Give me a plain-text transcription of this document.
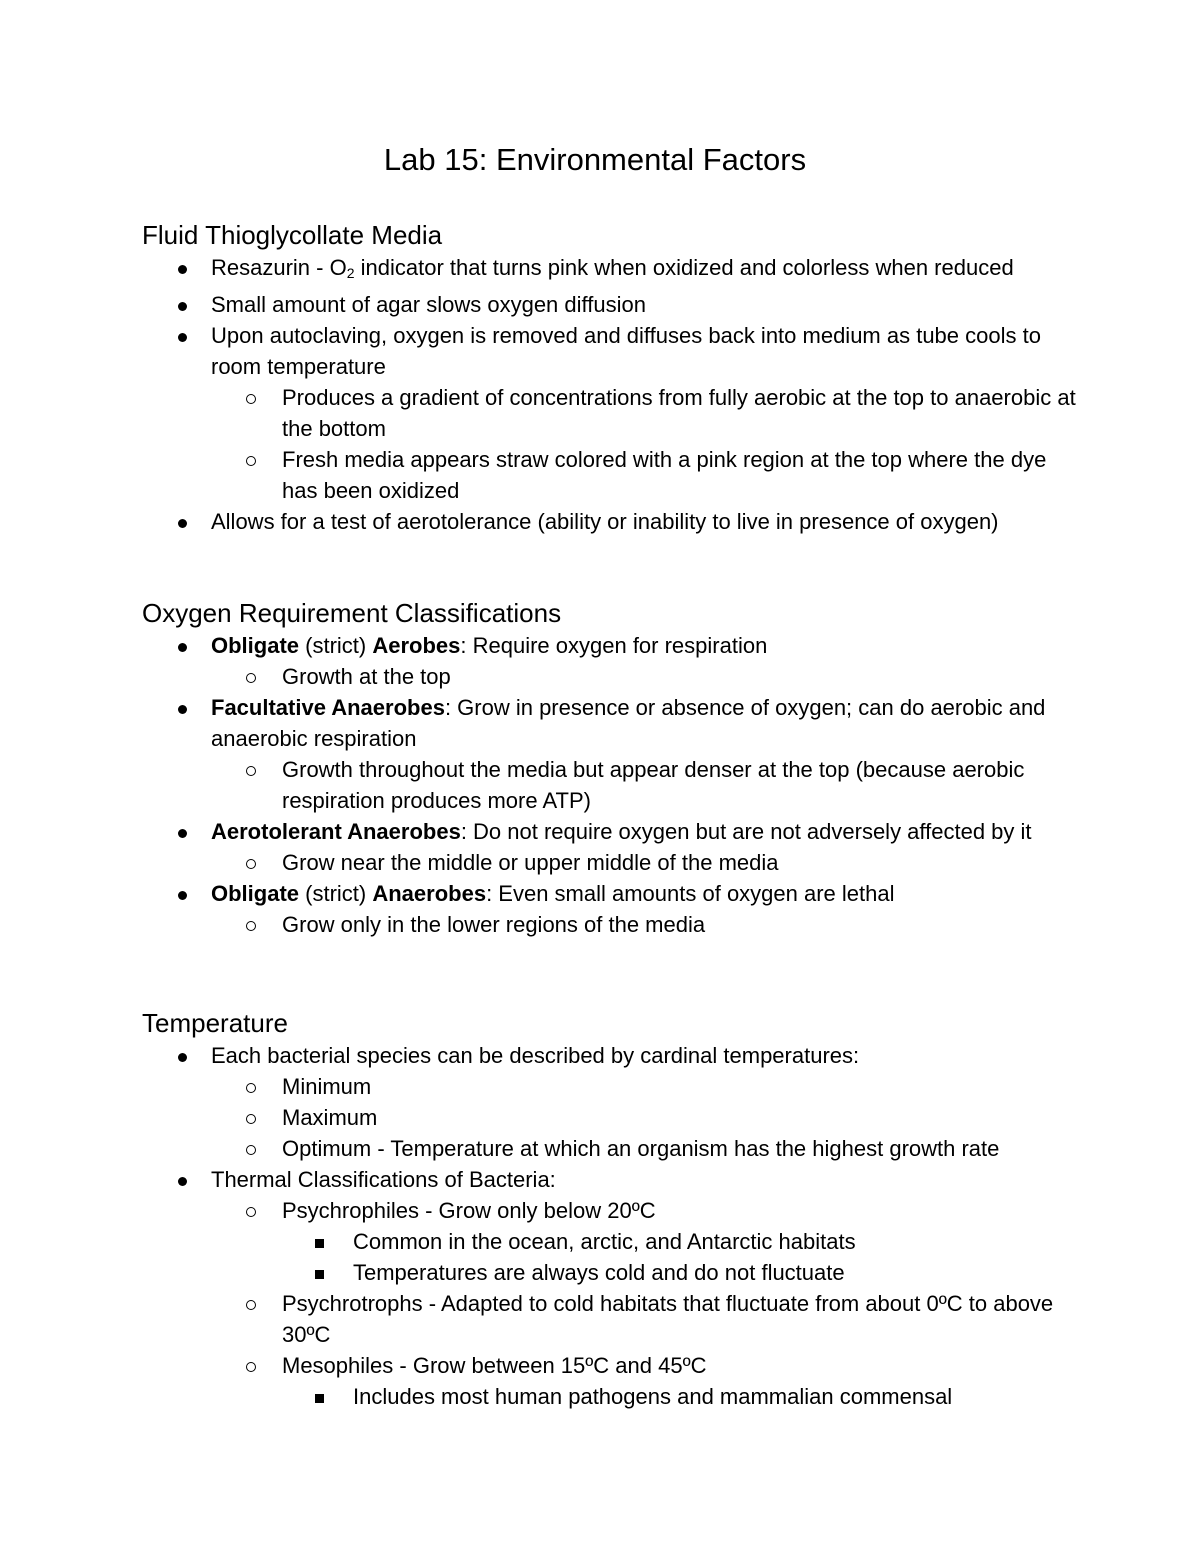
Lab 15: Environmental Factors
Fluid Thioglycollate Media
Resazurin - $O_2$ indicator that turns pink when oxidized and colorless when reduced
Small amount of agar slows oxygen diffusion
Upon autoclaving, oxygen is removed and diffuses back into medium as tube cools to room temperature
Produces a gradient of concentrations from fully aerobic at the top to anaerobic at the bottom
Fresh media appears straw colored with a pink region at the top where the dye has been oxidized
Allows for a test of aerotolerance (ability or inability to live in presence of oxygen)
Oxygen Requirement Classifications
Obligate (strict) Aerobes: Require oxygen for respiration
Growth at the top
Facultative Anaerobes: Grow in presence or absence of oxygen; can do aerobic and anaerobic respiration
Growth throughout the media but appear denser at the top (because aerobic respiration produces more ATP)
Aerotolerant Anaerobes: Do not require oxygen but are not adversely affected by it
Grow near the middle or upper middle of the media
Obligate (strict) Anaerobes: Even small amounts of oxygen are lethal
Grow only in the lower regions of the media
Temperature
Each bacterial species can be described by cardinal temperatures:
Minimum
Maximum
Optimum - Temperature at which an organism has the highest growth rate
Thermal Classifications of Bacteria:
Psychrophiles - Grow only below 20ºC
Common in the ocean, arctic, and Antarctic habitats
Temperatures are always cold and do not fluctuate
Psychrotrophs - Adapted to cold habitats that fluctuate from about 0ºC to above 30ºC
Mesophiles - Grow between 15ºC and 45ºC
Includes most human pathogens and mammalian commensal
